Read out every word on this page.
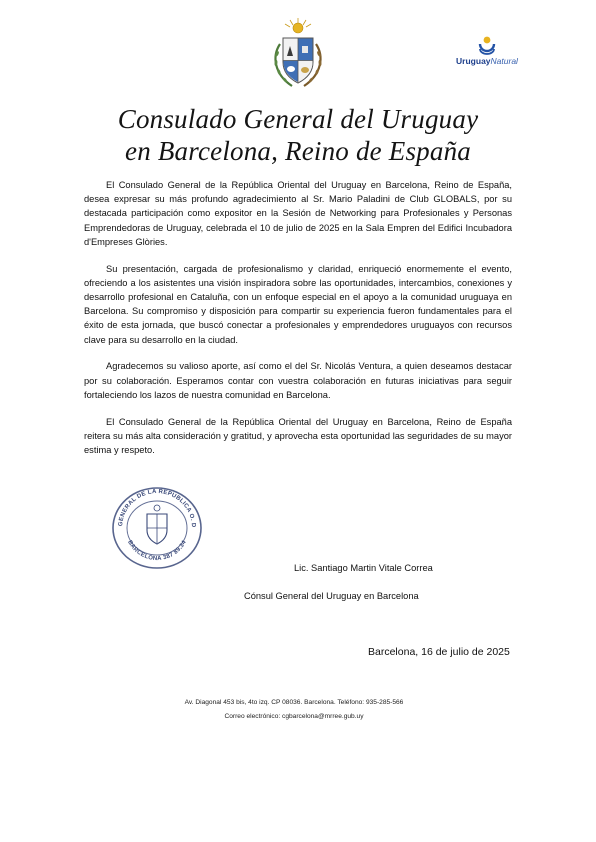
UruguayNatural
Consulado General del Uruguay
en Barcelona, Reino de España

El Consulado General de la República Oriental del Uruguay en Barcelona, Reino de España, desea expresar su más profundo agradecimiento al Sr. Mario Paladini de Club GLOBALS, por su destacada participación como expositor en la Sesión de Networking para Profesionales y Personas Emprendedoras de Uruguay, celebrada el 10 de julio de 2025 en la Sala Empren del Edifici Incubadora d'Empreses Glòries.

Su presentación, cargada de profesionalismo y claridad, enriqueció enormemente el evento, ofreciendo a los asistentes una visión inspiradora sobre las oportunidades, intercambios, conexiones y desarrollo profesional en Cataluña, con un enfoque especial en el apoyo a la comunidad uruguaya en Barcelona. Su compromiso y disposición para compartir su experiencia fueron fundamentales para el éxito de esta jornada, que buscó conectar a profesionales y emprendedores uruguayos con recursos clave para su desarrollo en la ciudad.

Agradecemos su valioso aporte, así como el del Sr. Nicolás Ventura, a quien deseamos destacar por su colaboración. Esperamos contar con vuestra colaboración en futuras iniciativas para seguir fortaleciendo los lazos de nuestra comunidad en Barcelona.

El Consulado General de la República Oriental del Uruguay en Barcelona, Reino de España reitera su más alta consideración y gratitud, y aprovecha esta oportunidad las seguridades de su mayor estima y respeto.

GENERAL DE LA REPUBLICA O. D
BARCELONA 387 89.34
Lic. Santiago Martin Vitale Correa
Cónsul General del Uruguay en Barcelona
Barcelona, 16 de julio de 2025
Av. Diagonal 453 bis, 4to izq. CP 08036. Barcelona. Teléfono: 935-285-566
Correo electrónico: cgbarcelona@mrree.gub.uy
